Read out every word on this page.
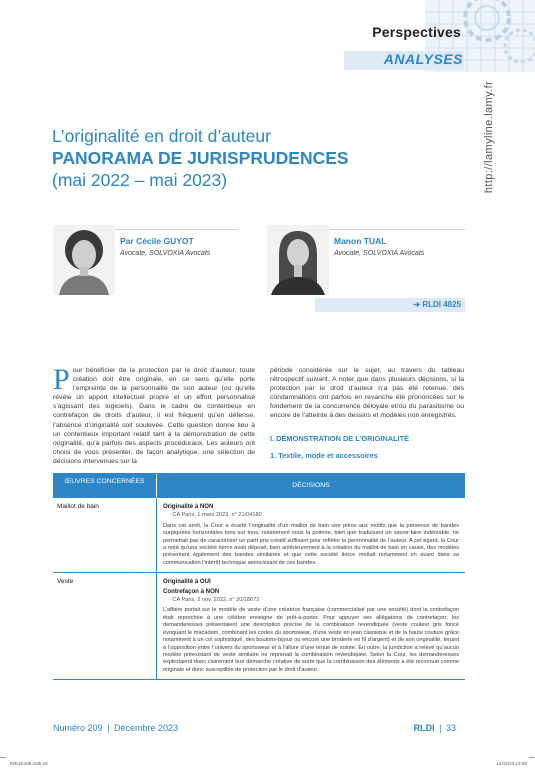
Perspectives
ANALYSES
http://lamyline.lamy.fr
L’originalité en droit d’auteur
PANORAMA DE JURISPRUDENCES
(mai 2022 – mai 2023)
Par Cécile GUYOT
Avocate, SOLVOXIA Avocats
Manon TUAL
Avocate, SOLVOXIA Avocats
➔ RLDI 4825
P our bénéficier de la protection par le droit d’auteur, toute création doit être originale, en ce sens qu’elle porte l’empreinte de la personnalité de son auteur (ou qu’elle révèle un apport intellectuel propre et un effort personnalisé s’agissant des logiciels). Dans le cadre de contentieux en contrefaçon de droits d’auteur, il est fréquent qu’en défense, l’absence d’originalité soit soulevée. Cette question donne lieu à un contentieux important relatif tant à la démonstration de cette originalité, qu’à parfois des aspects procéduraux. Les auteurs ont choisi de vous présenter, de façon analytique, une sélection de décisions intervenues sur la
période considérée sur le sujet, au travers du tableau rétrospectif suivant. A noter que dans plusieurs décisions, si la protection par le droit d’auteur n’a pas été retenue, des condamnations ont parfois en revanche été prononcées sur le fondement de la concurrence déloyale et/ou du parasitisme ou encore de l’atteinte à des dessins et modèles non enregistrés.
I. DÉMONSTRATION DE L’ORIGINALITÉ
1. Textile, mode et accessoires
ŒUVRES CONCERNÉES
DÉCISIONS
Maillot de bain	Originalité à NON
· CA Paris, 1 mars 2023, n° 21/04180
Dans cet arrêt, la Cour a écarté l’originalité d’un maillot de bain une pièce aux motifs que la présence de bandes surpiquées horizontales tons sur tons, notamment sous la poitrine, bien que traduisant un savoir-faire indéniable, ne permettait pas de caractériser un parti pris créatif suffisant pour refléter la personnalité de l’auteur. A cet égard, la Cour a noté qu’une société tierce avait déposé, bien antérieurement à la création du maillot de bain en cause, des modèles présentant également des bandes similaires et que cette société tierce mettait notamment en avant dans sa communication l’intérêt technique amincissant de ces bandes.
Veste	Originalité à OUI
Contrefaçon à NON
· CA Paris, 2 nov. 2022, n° 20/18672
L’affaire portait sur le modèle de veste d’une créatrice française (commercialisé par une société) dont la contrefaçon était reprochée à une célèbre enseigne de prêt-à-porter. Pour appuyer ses allégations de contrefaçon, les demanderesses présentaient une description précise de la combinaison revendiquée (veste couleur gris foncé évoquant le macadam, combinant les codes du sportswear, d’une veste en jean classique et de la haute couture grâce notamment à un col sophistiqué, des boutons-bijoux ou encore une broderie en fil d’argent) et de son originalité, tenant à l’opposition entre l’univers du sportswear et à l’allure d’une tenue de soirée. En outre, la juridiction a relevé qu’aucun modèle préexistant de veste similaire ne reprenait la combinaison revendiquée. Selon la Cour, les demanderesses explicitaient donc clairement leur démarche créative de sorte que la combinaison des éléments a été reconnue comme originale et donc susceptible de protection par le droit d’auteur.
Numéro 209 | Décembre 2023	RLDI | 33
ERLDI209.indb 33	12/12/23 13:56
